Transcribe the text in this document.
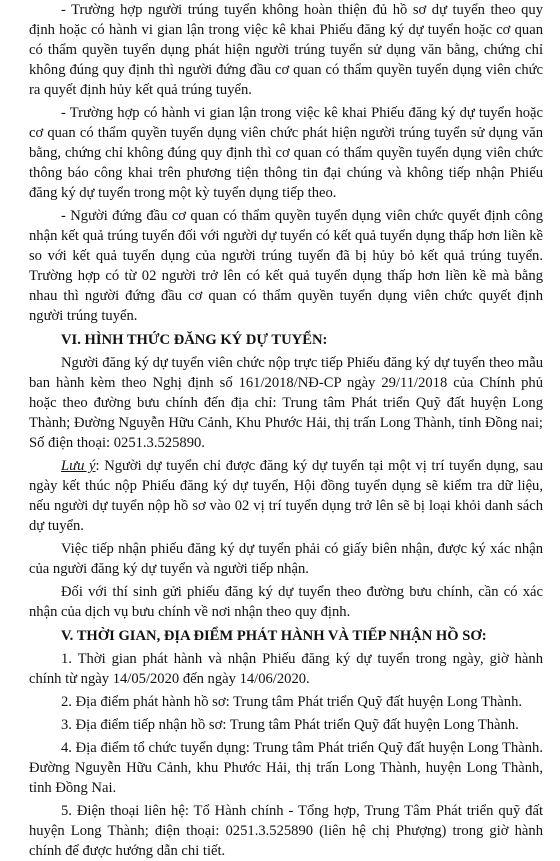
- Trường hợp người trúng tuyển không hoàn thiện đủ hồ sơ dự tuyển theo quy định hoặc có hành vi gian lận trong việc kê khai Phiếu đăng ký dự tuyển hoặc cơ quan có thẩm quyền tuyển dụng phát hiện người trúng tuyển sử dụng văn bằng, chứng chỉ không đúng quy định thì người đứng đầu cơ quan có thẩm quyền tuyển dụng viên chức ra quyết định hủy kết quả trúng tuyển.

- Trường hợp có hành vi gian lận trong việc kê khai Phiếu đăng ký dự tuyển hoặc cơ quan có thẩm quyền tuyển dụng viên chức phát hiện người trúng tuyển sử dụng văn bằng, chứng chỉ không đúng quy định thì cơ quan có thẩm quyền tuyển dụng viên chức thông báo công khai trên phương tiện thông tin đại chúng và không tiếp nhận Phiếu đăng ký dự tuyển trong một kỳ tuyển dụng tiếp theo.

- Người đứng đầu cơ quan có thẩm quyền tuyển dụng viên chức quyết định công nhận kết quả trúng tuyển đối với người dự tuyển có kết quả tuyển dụng thấp hơn liền kề so với kết quả tuyển dụng của người trúng tuyển đã bị hủy bỏ kết quả trúng tuyển. Trường hợp có từ 02 người trở lên có kết quả tuyển dụng thấp hơn liền kề mà bằng nhau thì người đứng đầu cơ quan có thẩm quyền tuyển dụng viên chức quyết định người trúng tuyển.

VI. HÌNH THỨC ĐĂNG KÝ DỰ TUYỂN:

Người đăng ký dự tuyển viên chức nộp trực tiếp Phiếu đăng ký dự tuyển theo mẫu ban hành kèm theo Nghị định số 161/2018/NĐ-CP ngày 29/11/2018 của Chính phủ hoặc theo đường bưu chính đến địa chỉ: Trung tâm Phát triển Quỹ đất huyện Long Thành; Đường Nguyễn Hữu Cảnh, Khu Phước Hải, thị trấn Long Thành, tỉnh Đồng nai; Số điện thoại: 0251.3.525890.

Lưu ý: Người dự tuyển chỉ được đăng ký dự tuyển tại một vị trí tuyển dụng, sau ngày kết thúc nộp Phiếu đăng ký dự tuyển, Hội đồng tuyển dụng sẽ kiểm tra dữ liệu, nếu người dự tuyển nộp hồ sơ vào 02 vị trí tuyển dụng trở lên sẽ bị loại khỏi danh sách dự tuyển.

Việc tiếp nhận phiếu đăng ký dự tuyển phải có giấy biên nhận, được ký xác nhận của người đăng ký dự tuyển và người tiếp nhận.

Đối với thí sinh gửi phiếu đăng ký dự tuyển theo đường bưu chính, cần có xác nhận của dịch vụ bưu chính về nơi nhận theo quy định.

V. THỜI GIAN, ĐỊA ĐIỂM PHÁT HÀNH VÀ TIẾP NHẬN HỒ SƠ:

1. Thời gian phát hành và nhận Phiếu đăng ký dự tuyển trong ngày, giờ hành chính từ ngày 14/05/2020 đến ngày 14/06/2020.

2. Địa điểm phát hành hồ sơ: Trung tâm Phát triển Quỹ đất huyện Long Thành.

3. Địa điểm tiếp nhận hồ sơ: Trung tâm Phát triển Quỹ đất huyện Long Thành.

4. Địa điểm tổ chức tuyển dụng: Trung tâm Phát triển Quỹ đất huyện Long Thành. Đường Nguyễn Hữu Cảnh, khu Phước Hải, thị trấn Long Thành, huyện Long Thành, tỉnh Đồng Nai.

5. Điện thoại liên hệ: Tổ Hành chính - Tổng hợp, Trung Tâm Phát triển quỹ đất huyện Long Thành; điện thoại: 0251.3.525890 (liên hệ chị Phượng) trong giờ hành chính để được hướng dẫn chi tiết.
